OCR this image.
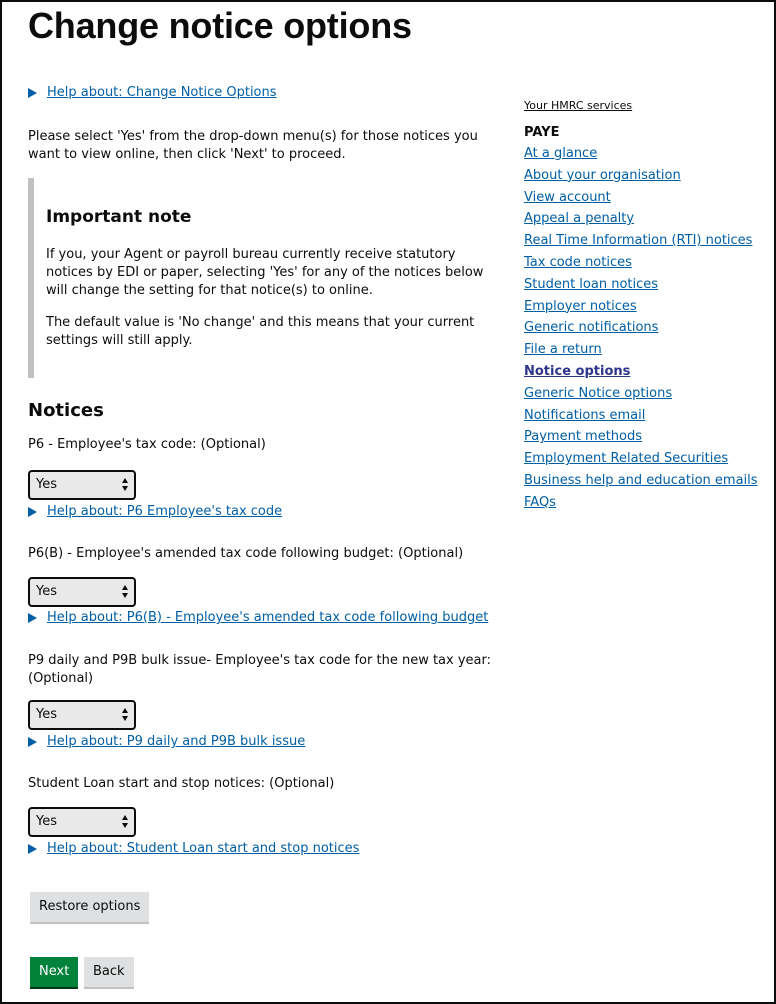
Change notice options
Help about: Change Notice Options

Please select 'Yes' from the drop-down menu(s) for those notices you want to view online, then click 'Next' to proceed.

Important note

If you, your Agent or payroll bureau currently receive statutory notices by EDI or paper, selecting 'Yes' for any of the notices below will change the setting for that notice(s) to online.

The default value is 'No change' and this means that your current settings will still apply.

Notices
P6 - Employee's tax code: (Optional)
Yes
Help about: P6 Employee's tax code
P6(B) - Employee's amended tax code following budget: (Optional)
Yes
Help about: P6(B) - Employee's amended tax code following budget
P9 daily and P9B bulk issue- Employee's tax code for the new tax year: (Optional)
Yes
Help about: P9 daily and P9B bulk issue
Student Loan start and stop notices: (Optional)
Yes
Help about: Student Loan start and stop notices
Restore options
Next	Back
Your HMRC services
PAYE
At a glance
About your organisation
View account
Appeal a penalty
Real Time Information (RTI) notices
Tax code notices
Student loan notices
Employer notices
Generic notifications
File a return
Notice options
Generic Notice options
Notifications email
Payment methods
Employment Related Securities
Business help and education emails
FAQs
